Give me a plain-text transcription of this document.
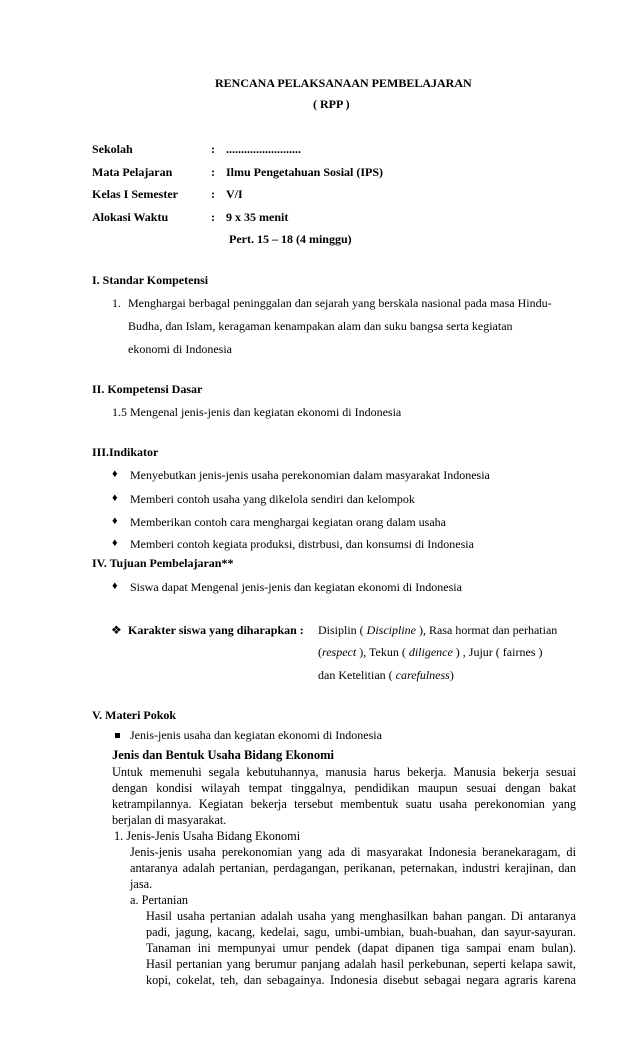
RENCANA PELAKSANAAN PEMBELAJARAN
( RPP )
Sekolah	: .........................
Mata Pelajaran	: Ilmu Pengetahuan Sosial (IPS)
Kelas I Semester	: V/I
Alokasi Waktu	: 9 x 35 menit
Pert. 15 – 18 (4 minggu)
I. Standar Kompetensi
1. Menghargai berbagal peninggalan dan sejarah yang berskala nasional pada masa Hindu-
Budha, dan Islam, keragaman kenampakan alam dan suku bangsa serta kegiatan
ekonomi di Indonesia
II. Kompetensi Dasar
1.5 Mengenal jenis-jenis dan kegiatan ekonomi di Indonesia
III.Indikator
♦ Menyebutkan jenis-jenis usaha perekonomian dalam masyarakat Indonesia
♦ Memberi contoh usaha yang dikelola sendiri dan kelompok
♦ Memberikan contoh cara menghargai kegiatan orang dalam usaha
♦ Memberi contoh kegiata produksi, distrbusi, dan konsumsi di Indonesia
IV. Tujuan Pembelajaran**
♦ Siswa dapat Mengenal jenis-jenis dan kegiatan ekonomi di Indonesia
❖ Karakter siswa yang diharapkan : Disiplin ( Discipline ), Rasa hormat dan perhatian
(respect ), Tekun ( diligence ) , Jujur ( fairnes )
dan Ketelitian ( carefulness)
V. Materi Pokok
Jenis-jenis usaha dan kegiatan ekonomi di Indonesia
Jenis dan Bentuk Usaha Bidang Ekonomi
Untuk memenuhi segala kebutuhannya, manusia harus bekerja. Manusia bekerja sesuai
dengan kondisi wilayah tempat tinggalnya, pendidikan maupun sesuai dengan bakat
ketrampilannya. Kegiatan bekerja tersebut membentuk suatu usaha perekonomian yang
berjalan di masyarakat.
1. Jenis-Jenis Usaha Bidang Ekonomi
Jenis-jenis usaha perekonomian yang ada di masyarakat Indonesia beranekaragam, di
antaranya adalah pertanian, perdagangan, perikanan, peternakan, industri kerajinan, dan
jasa.
a. Pertanian
Hasil usaha pertanian adalah usaha yang menghasilkan bahan pangan. Di antaranya
padi, jagung, kacang, kedelai, sagu, umbi-umbian, buah-buahan, dan sayur-sayuran.
Tanaman ini mempunyai umur pendek (dapat dipanen tiga sampai enam bulan).
Hasil pertanian yang berumur panjang adalah hasil perkebunan, seperti kelapa sawit,
kopi, cokelat, teh, dan sebagainya. Indonesia disebut sebagai negara agraris karena
